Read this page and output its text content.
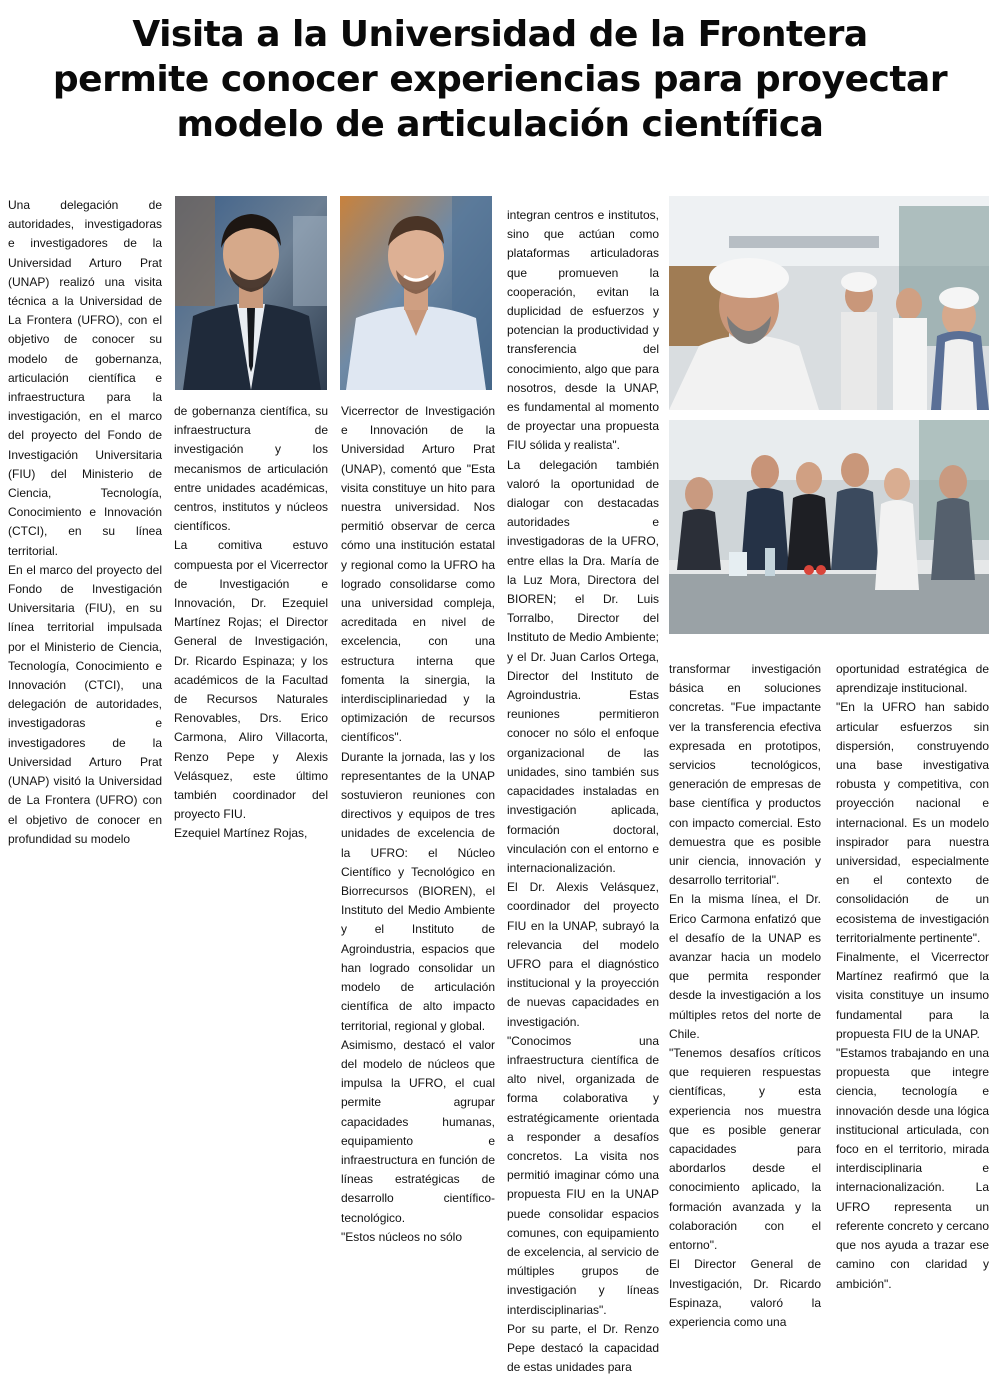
Visita a la Universidad de la Frontera
permite conocer experiencias para proyectar
modelo de articulación científica

Una delegación de autoridades, investigadoras e investigadores de la Universidad Arturo Prat (UNAP) realizó una visita técnica a la Universidad de La Frontera (UFRO), con el objetivo de conocer su modelo de gobernanza, articulación científica e infraestructura para la investigación, en el marco del proyecto del Fondo de Investigación Universitaria (FIU) del Ministerio de Ciencia, Tecnología, Conocimiento e Innovación (CTCI), en su línea territorial.

En el marco del proyecto del Fondo de Investigación Universitaria (FIU), en su línea territorial impulsada por el Ministerio de Ciencia, Tecnología, Conocimiento e Innovación (CTCI), una delegación de autoridades, investigadoras e investigadores de la Universidad Arturo Prat (UNAP) visitó la Universidad de La Frontera (UFRO) con el objetivo de conocer en profundidad su modelo

de gobernanza científica, su infraestructura de investigación y los mecanismos de articulación entre unidades académicas, centros, institutos y núcleos científicos.

La comitiva estuvo compuesta por el Vicerrector de Investigación e Innovación, Dr. Ezequiel Martínez Rojas; el Director General de Investigación, Dr. Ricardo Espinaza; y los académicos de la Facultad de Recursos Naturales Renovables, Drs. Erico Carmona, Aliro Villacorta, Renzo Pepe y Alexis Velásquez, este último también coordinador del proyecto FIU.

Ezequiel Martínez Rojas,

Vicerrector de Investigación e Innovación de la Universidad Arturo Prat (UNAP), comentó que "Esta visita constituye un hito para nuestra universidad. Nos permitió observar de cerca cómo una institución estatal y regional como la UFRO ha logrado consolidarse como una universidad compleja, acreditada en nivel de excelencia, con una estructura interna que fomenta la sinergia, la interdisciplinariedad y la optimización de recursos científicos".

Durante la jornada, las y los representantes de la UNAP sostuvieron reuniones con directivos y equipos de tres unidades de excelencia de la UFRO: el Núcleo Científico y Tecnológico en Biorrecursos (BIOREN), el Instituto del Medio Ambiente y el Instituto de Agroindustria, espacios que han logrado consolidar un modelo de articulación científica de alto impacto territorial, regional y global.

Asimismo, destacó el valor del modelo de núcleos que impulsa la UFRO, el cual permite agrupar capacidades humanas, equipamiento e infraestructura en función de líneas estratégicas de desarrollo científico-tecnológico.

"Estos núcleos no sólo

integran centros e institutos, sino que actúan como plataformas articuladoras que promueven la cooperación, evitan la duplicidad de esfuerzos y potencian la productividad y transferencia del conocimiento, algo que para nosotros, desde la UNAP, es fundamental al momento de proyectar una propuesta FIU sólida y realista".

La delegación también valoró la oportunidad de dialogar con destacadas autoridades e investigadoras de la UFRO, entre ellas la Dra. María de la Luz Mora, Directora del BIOREN; el Dr. Luis Torralbo, Director del Instituto de Medio Ambiente; y el Dr. Juan Carlos Ortega, Director del Instituto de Agroindustria. Estas reuniones permitieron conocer no sólo el enfoque organizacional de las unidades, sino también sus capacidades instaladas en investigación aplicada, formación doctoral, vinculación con el entorno e internacionalización.

El Dr. Alexis Velásquez, coordinador del proyecto FIU en la UNAP, subrayó la relevancia del modelo UFRO para el diagnóstico institucional y la proyección de nuevas capacidades en investigación.

"Conocimos una infraestructura científica de alto nivel, organizada de forma colaborativa y estratégicamente orientada a responder a desafíos concretos. La visita nos permitió imaginar cómo una propuesta FIU en la UNAP puede consolidar espacios comunes, con equipamiento de excelencia, al servicio de múltiples grupos de investigación y líneas interdisciplinarias".

Por su parte, el Dr. Renzo Pepe destacó la capacidad de estas unidades para

transformar investigación básica en soluciones concretas. "Fue impactante ver la transferencia efectiva expresada en prototipos, servicios tecnológicos, generación de empresas de base científica y productos con impacto comercial. Esto demuestra que es posible unir ciencia, innovación y desarrollo territorial".

En la misma línea, el Dr. Erico Carmona enfatizó que el desafío de la UNAP es avanzar hacia un modelo que permita responder desde la investigación a los múltiples retos del norte de Chile.

"Tenemos desafíos críticos que requieren respuestas científicas, y esta experiencia nos muestra que es posible generar capacidades para abordarlos desde el conocimiento aplicado, la formación avanzada y la colaboración con el entorno".

El Director General de Investigación, Dr. Ricardo Espinaza, valoró la experiencia como una

oportunidad estratégica de aprendizaje institucional.

"En la UFRO han sabido articular esfuerzos sin dispersión, construyendo una base investigativa robusta y competitiva, con proyección nacional e internacional. Es un modelo inspirador para nuestra universidad, especialmente en el contexto de consolidación de un ecosistema de investigación territorialmente pertinente".

Finalmente, el Vicerrector Martínez reafirmó que la visita constituye un insumo fundamental para la propuesta FIU de la UNAP.

"Estamos trabajando en una propuesta que integre ciencia, tecnología e innovación desde una lógica institucional articulada, con foco en el territorio, mirada interdisciplinaria e internacionalización. La UFRO representa un referente concreto y cercano que nos ayuda a trazar ese camino con claridad y ambición".
